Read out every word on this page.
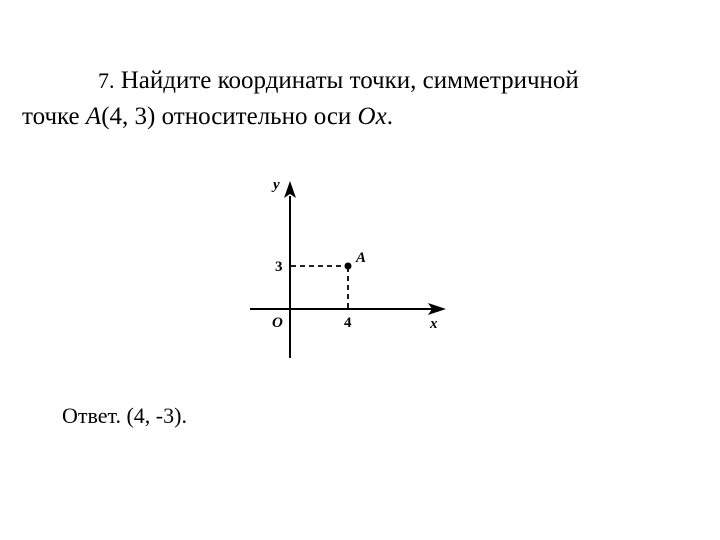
7. Найдите координаты точки, симметричной
точке A(4, 3) относительно оси Ox.
y
x
O
3
4
A
Ответ. (4, -3).
